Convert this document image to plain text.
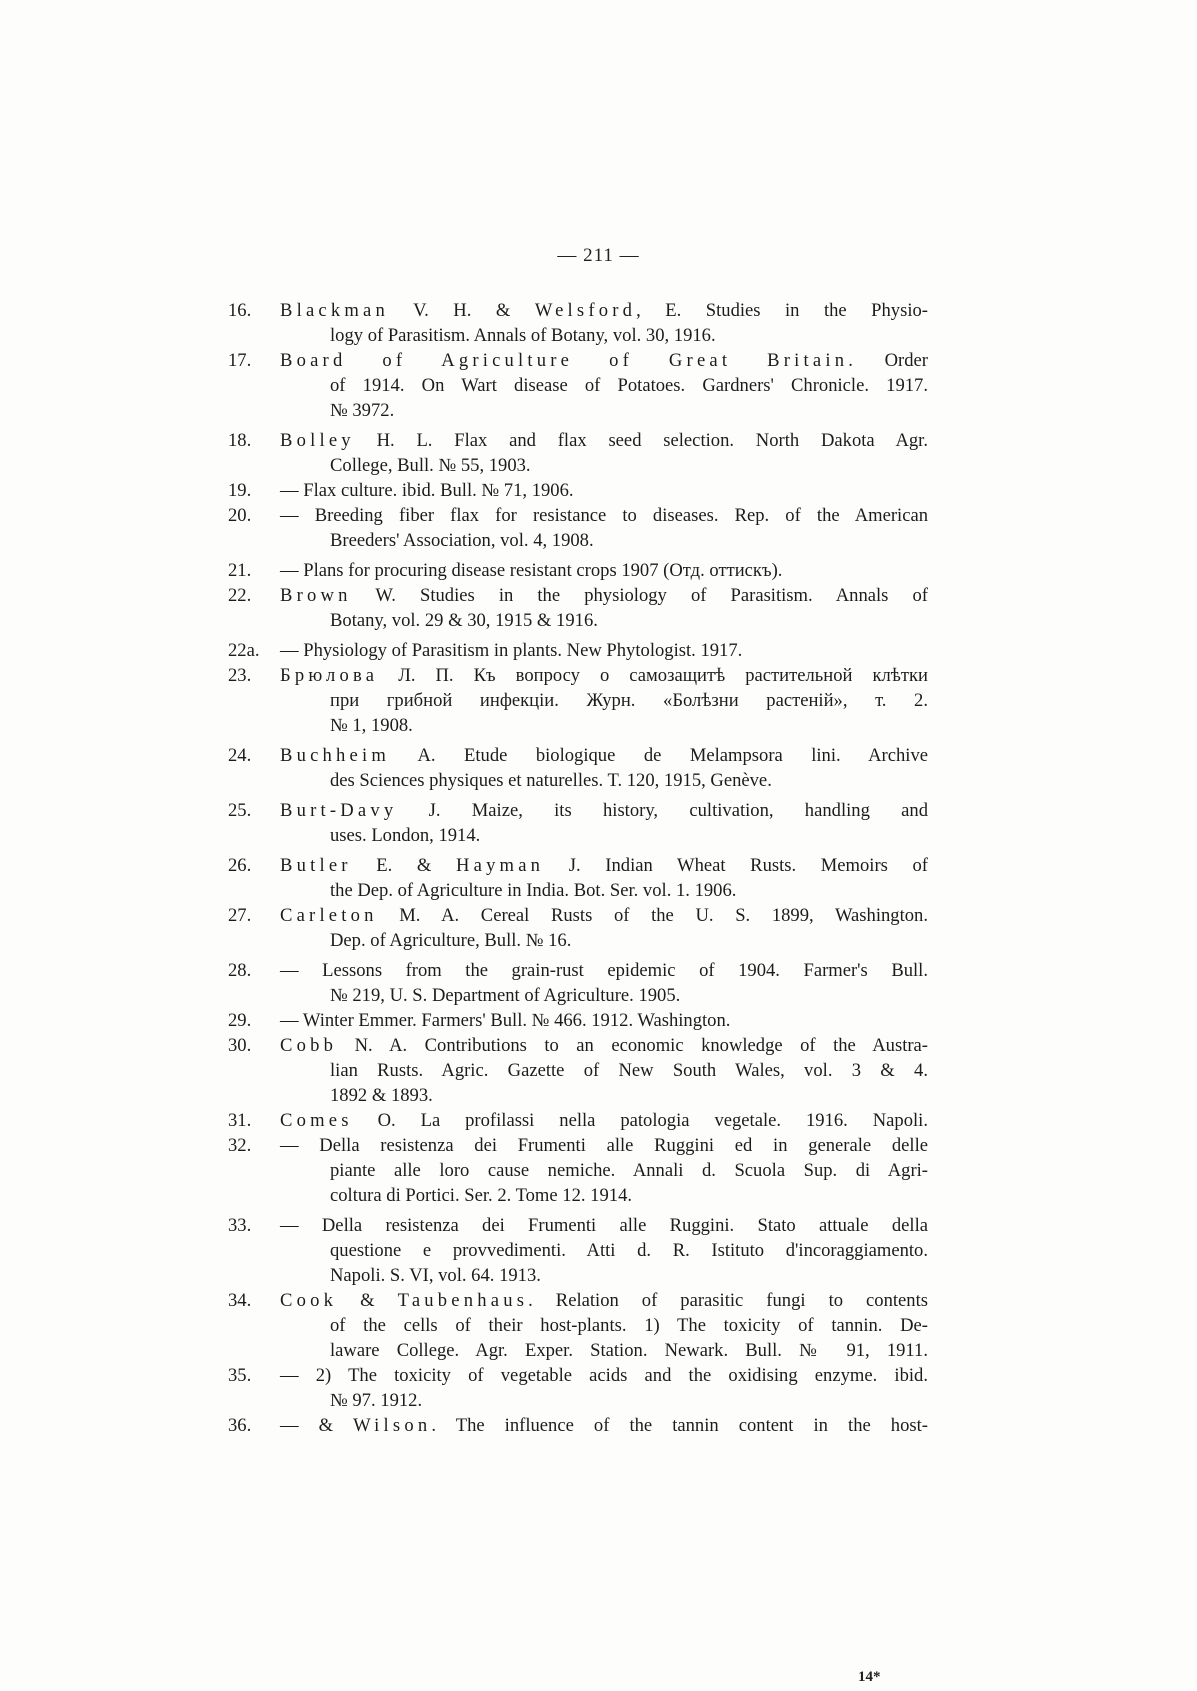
— 211 —
16.	Blackman V. H. & Welsford, E. Studies in the Physio-
logy of Parasitism. Annals of Botany, vol. 30, 1916.
17.	Board of Agriculture of Great Britain. Order
of 1914. On Wart disease of Potatoes. Gardners' Chronicle. 1917.
№ 3972.
18.	Bolley H. L. Flax and flax seed selection. North Dakota Agr.
College, Bull. № 55, 1903.
19.	— Flax culture. ibid. Bull. № 71, 1906.
20.	— Breeding fiber flax for resistance to diseases. Rep. of the American
Breeders' Association, vol. 4, 1908.
21.	— Plans for procuring disease resistant crops 1907 (Отд. оттискъ).
22.	Brown W. Studies in the physiology of Parasitism. Annals of
Botany, vol. 29 & 30, 1915 & 1916.
22a.	— Physiology of Parasitism in plants. New Phytologist. 1917.
23.	Брюлова Л. П. Къ вопросу о самозащитѣ растительной клѣтки
при грибной инфекціи. Журн. «Болѣзни растеній», т. 2.
№ 1, 1908.
24.	Buchheim A. Etude biologique de Melampsora lini. Archive
des Sciences physiques et naturelles. T. 120, 1915, Genève.
25.	Burt-Davy J. Maize, its history, cultivation, handling and
uses. London, 1914.
26.	Butler E. & Hayman J. Indian Wheat Rusts. Memoirs of
the Dep. of Agriculture in India. Bot. Ser. vol. 1. 1906.
27.	Carleton M. A. Cereal Rusts of the U. S. 1899, Washington.
Dep. of Agriculture, Bull. № 16.
28.	— Lessons from the grain-rust epidemic of 1904. Farmer's Bull.
№ 219, U. S. Department of Agriculture. 1905.
29.	— Winter Emmer. Farmers' Bull. № 466. 1912. Washington.
30.	Cobb N. A. Contributions to an economic knowledge of the Austra-
lian Rusts. Agric. Gazette of New South Wales, vol. 3 & 4.
1892 & 1893.
31.	Comes O. La profilassi nella patologia vegetale. 1916. Napoli.
32.	— Della resistenza dei Frumenti alle Ruggini ed in generale delle
piante alle loro cause nemiche. Annali d. Scuola Sup. di Agri-
coltura di Portici. Ser. 2. Tome 12. 1914.
33.	— Della resistenza dei Frumenti alle Ruggini. Stato attuale della
questione e provvedimenti. Atti d. R. Istituto d'incoraggiamento.
Napoli. S. VI, vol. 64. 1913.
34.	Cook & Taubenhaus. Relation of parasitic fungi to contents
of the cells of their host-plants. 1) The toxicity of tannin. De-
laware College. Agr. Exper. Station. Newark. Bull. № 91, 1911.
35.	— 2) The toxicity of vegetable acids and the oxidising enzyme. ibid.
№ 97. 1912.
36.	— & Wilson. The influence of the tannin content in the host-
14*
